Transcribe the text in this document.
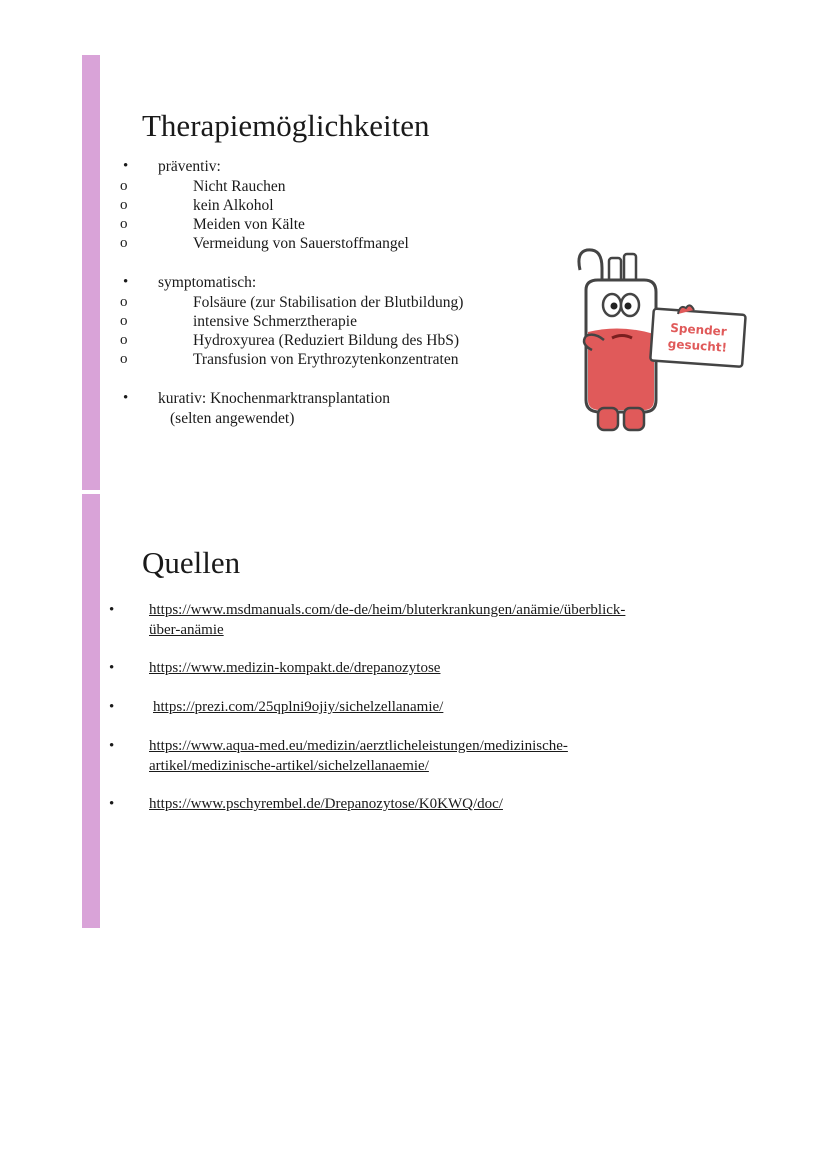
Therapiemöglichkeiten
• präventiv:
o	Nicht Rauchen
o	kein Alkohol
o	Meiden von Kälte
o	Vermeidung von Sauerstoffmangel
• symptomatisch:
o	Folsäure (zur Stabilisation der Blutbildung)
o	intensive Schmerztherapie
o	Hydroxyurea (Reduziert Bildung des HbS)
o	Transfusion von Erythrozytenkonzentraten
• kurativ: Knochenmarktransplantation
(selten angewendet)
Spender
gesucht!
Quellen
• https://www.msdmanuals.com/de-de/heim/bluterkrankungen/anämie/überblick-
über-anämie
• https://www.medizin-kompakt.de/drepanozytose
•	https://prezi.com/25qplni9ojiy/sichelzellanamie/
• https://www.aqua-med.eu/medizin/aerztlicheleistungen/medizinische-
artikel/medizinische-artikel/sichelzellanaemie/
• https://www.pschyrembel.de/Drepanozytose/K0KWQ/doc/
